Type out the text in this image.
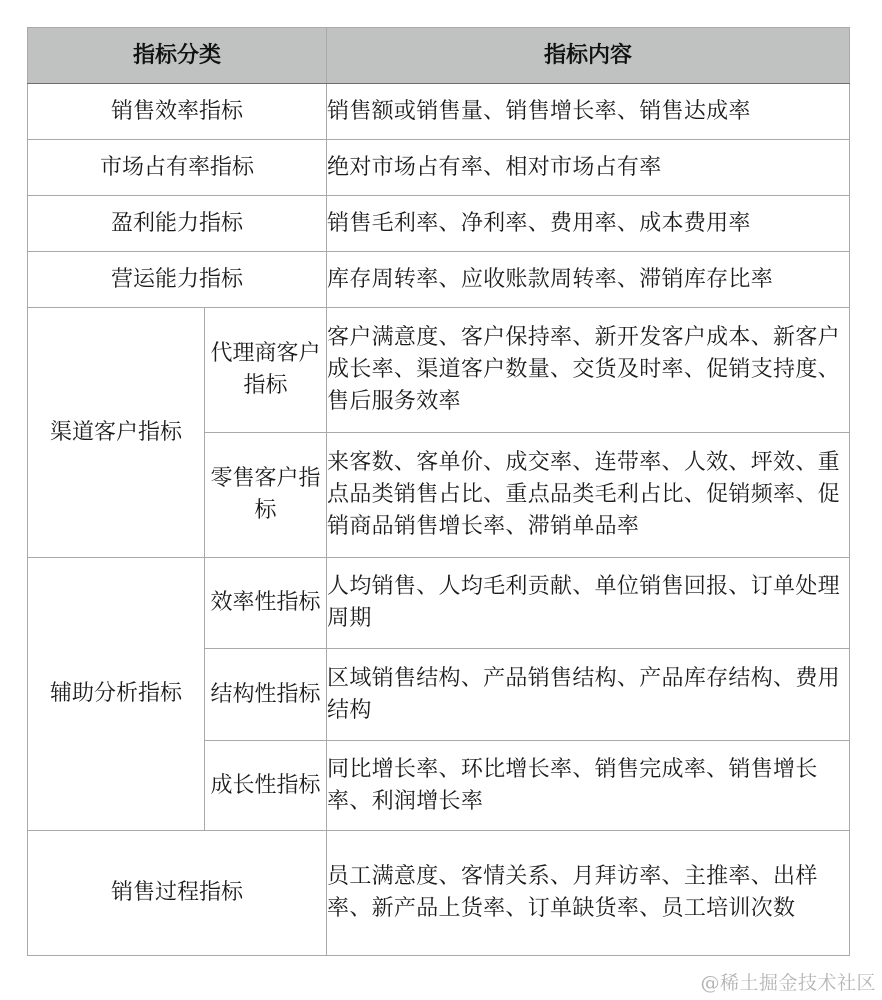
指标分类		指标内容
销售效率指标		销售额或销售量、销售增长率、销售达成率
市场占有率指标		绝对市场占有率、相对市场占有率
盈利能力指标		销售毛利率、净利率、费用率、成本费用率
营运能力指标		库存周转率、应收账款周转率、滞销库存比率
渠道客户指标	代理商客户指标	客户满意度、客户保持率、新开发客户成本、新客户成长率、渠道客户数量、交货及时率、促销支持度、售后服务效率
	零售客户指标	来客数、客单价、成交率、连带率、人效、坪效、重点品类销售占比、重点品类毛利占比、促销频率、促销商品销售增长率、滞销单品率
辅助分析指标	效率性指标	人均销售、人均毛利贡献、单位销售回报、订单处理周期
	结构性指标	区域销售结构、产品销售结构、产品库存结构、费用结构
	成长性指标	同比增长率、环比增长率、销售完成率、销售增长率、利润增长率
销售过程指标		员工满意度、客情关系、月拜访率、主推率、出样率、新产品上货率、订单缺货率、员工培训次数
@稀土掘金技术社区
